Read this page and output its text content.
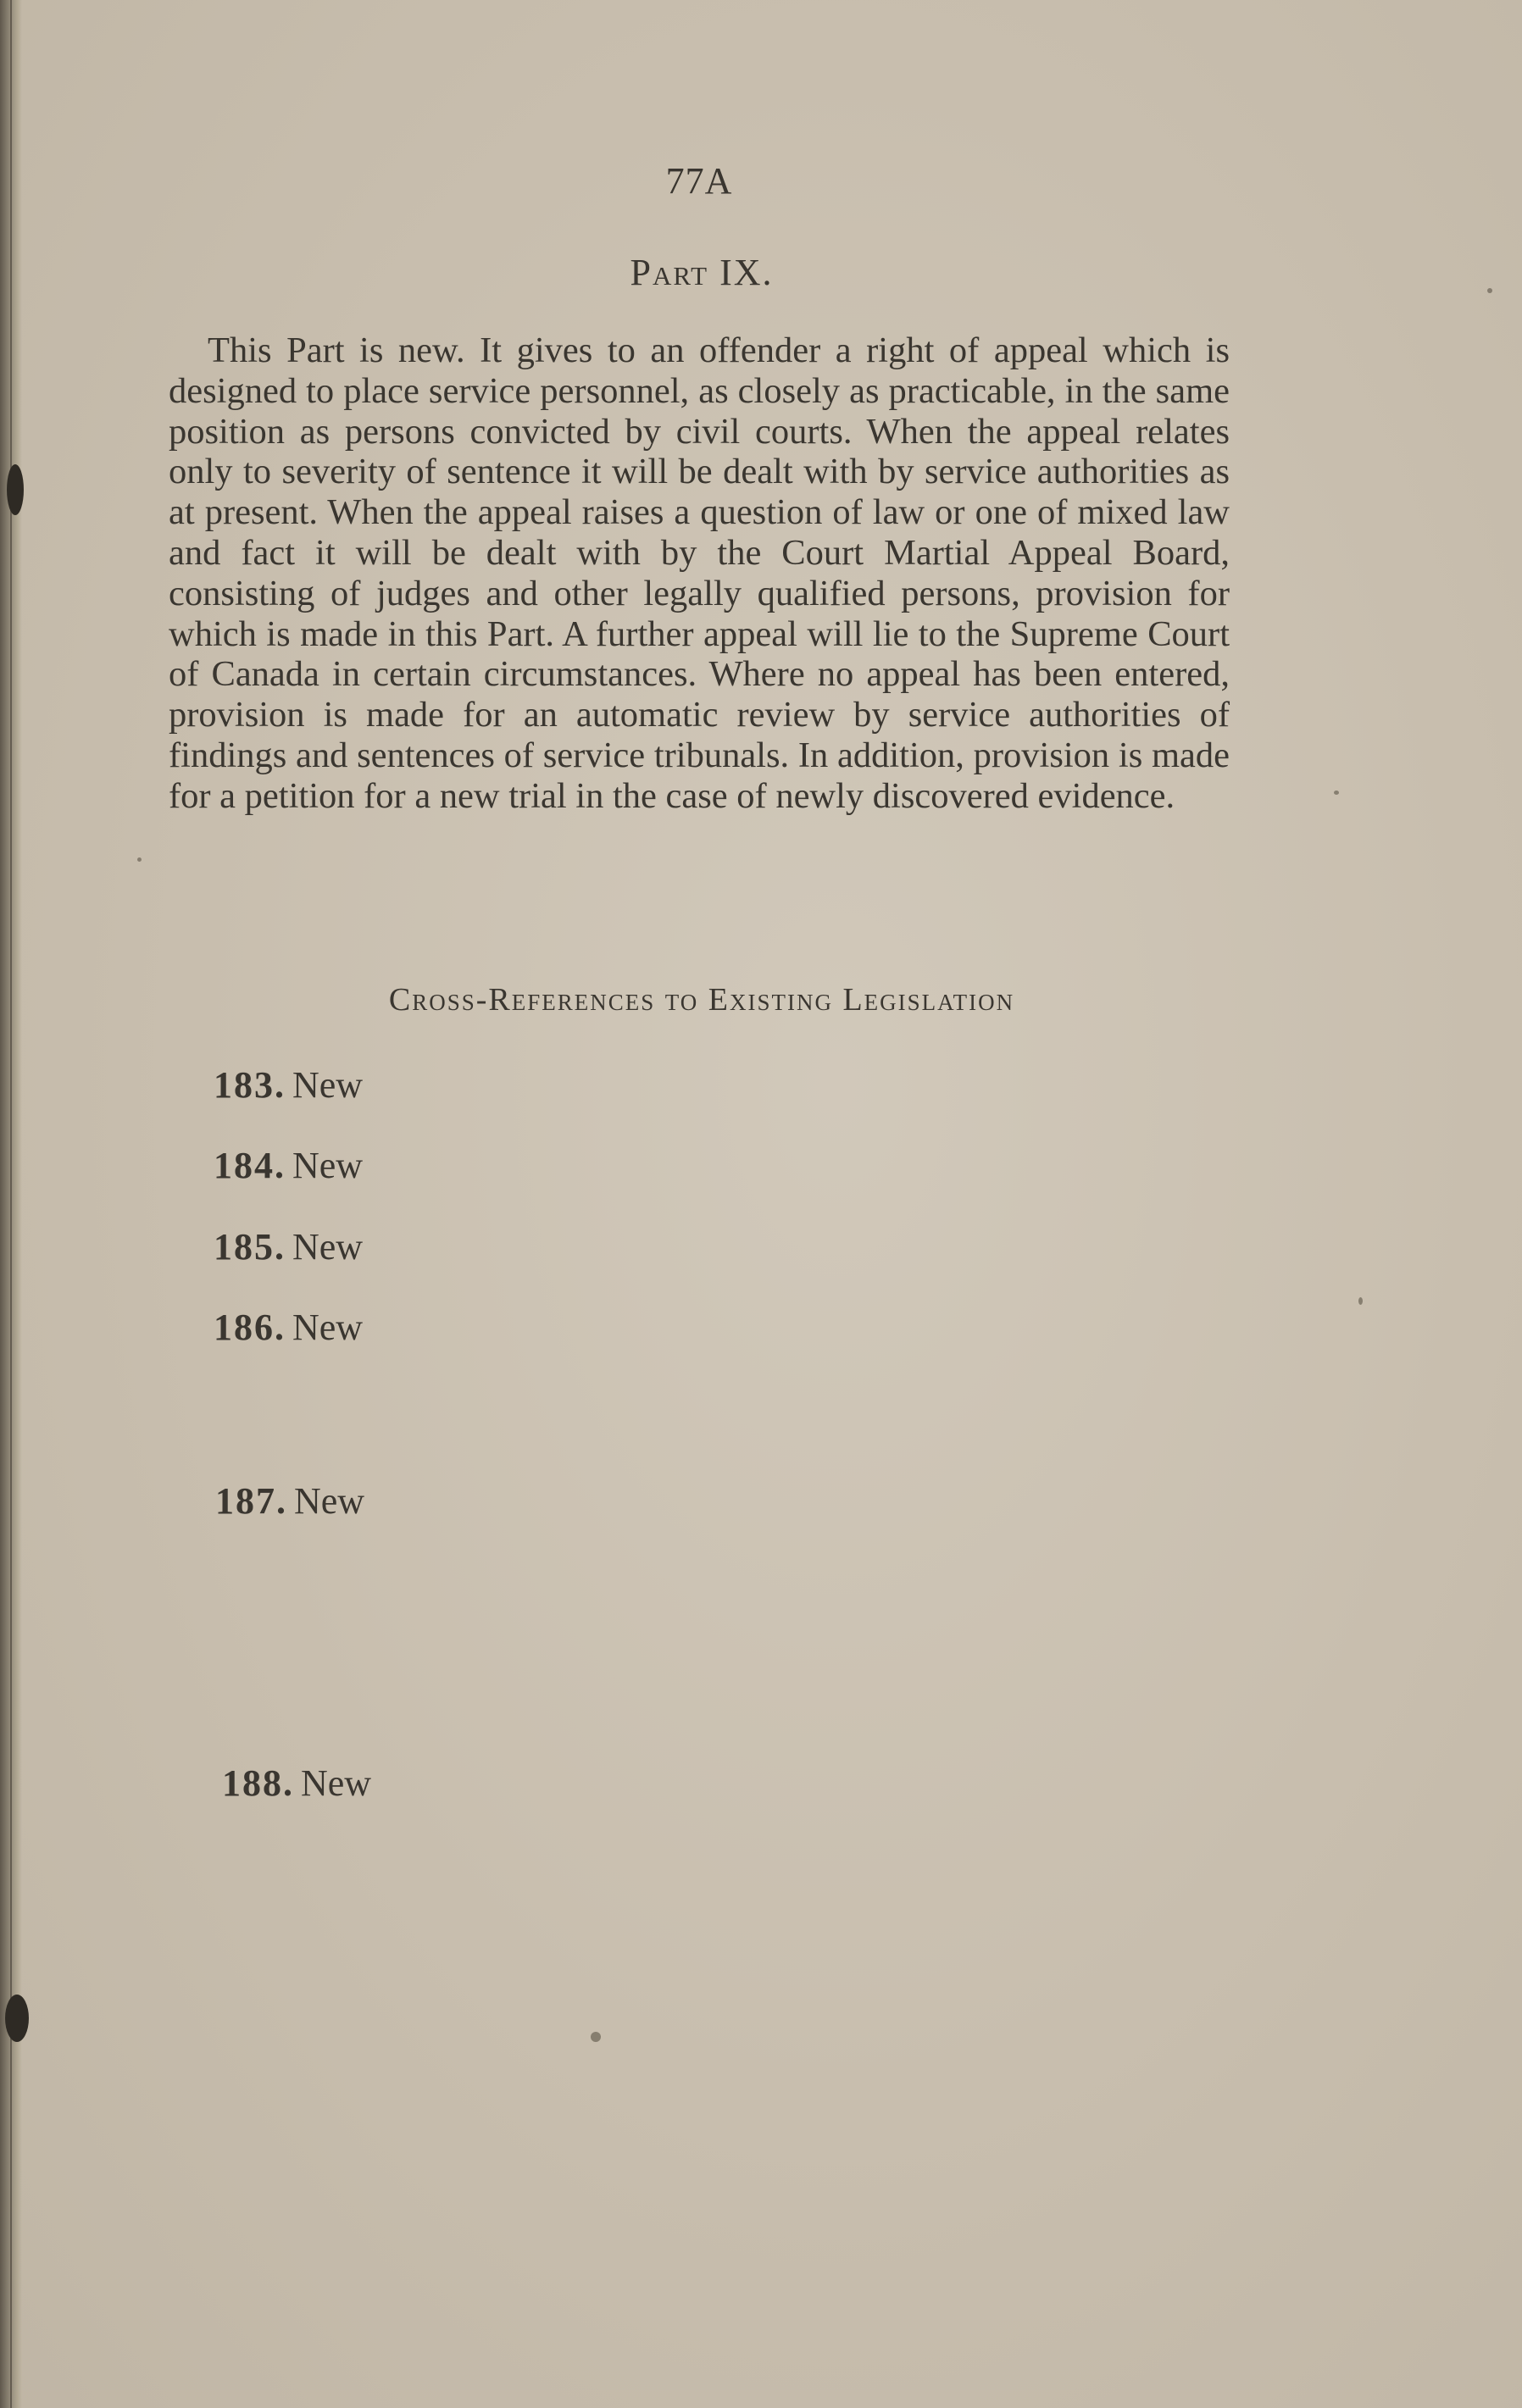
77A
Part IX.

This Part is new. It gives to an offender a right of appeal which is designed to place service personnel, as closely as practicable, in the same position as persons convicted by civil courts. When the appeal relates only to severity of sentence it will be dealt with by service authorities as at present. When the appeal raises a question of law or one of mixed law and fact it will be dealt with by the Court Martial Appeal Board, consisting of judges and other legally qualified persons, provision for which is made in this Part. A further appeal will lie to the Supreme Court of Canada in certain circumstances. Where no appeal has been entered, provision is made for an automatic review by service authorities of findings and sentences of service tribunals. In addition, provision is made for a petition for a new trial in the case of newly discovered evidence.

Cross-References to Existing Legislation
183 . New
184 . New
185 . New
186 . New
187 . New
188 . New
